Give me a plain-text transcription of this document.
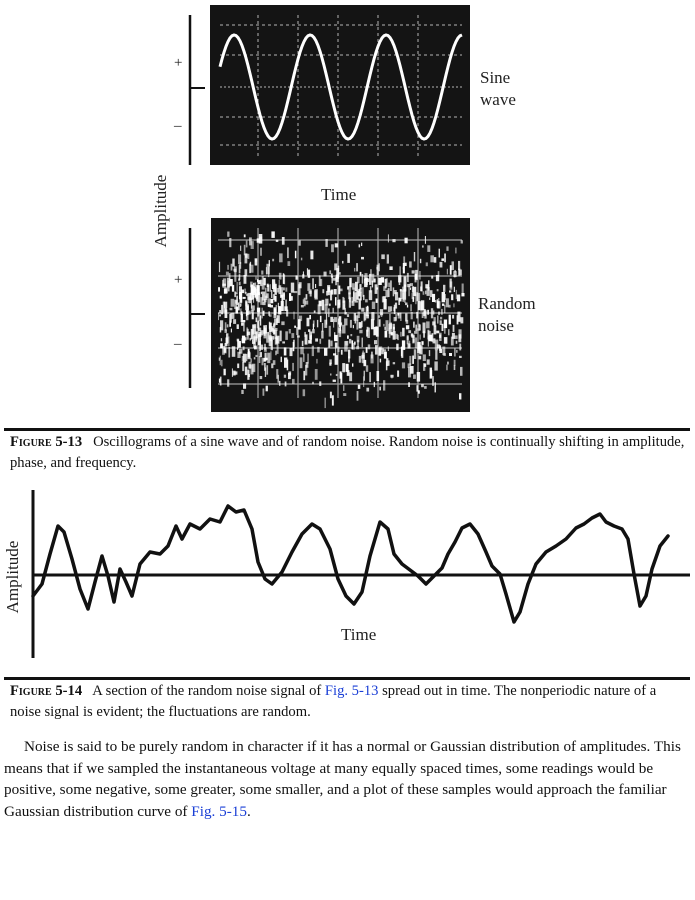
Amplitude
+
–
Sine
wave
Time
+
–
Random
noise
Figure 5-13 Oscillograms of a sine wave and of random noise. Random noise is continually shifting in amplitude, phase, and frequency.
Amplitude
Time
Figure 5-14 A section of the random noise signal of Fig. 5-13 spread out in time. The nonperiodic nature of a noise signal is evident; the fluctuations are random.
Noise is said to be purely random in character if it has a normal or Gaussian distribution of amplitudes. This means that if we sampled the instantaneous voltage at many equally spaced times, some readings would be positive, some negative, some greater, some smaller, and a plot of these samples would approach the familiar Gaussian distribution curve of Fig. 5-15.
